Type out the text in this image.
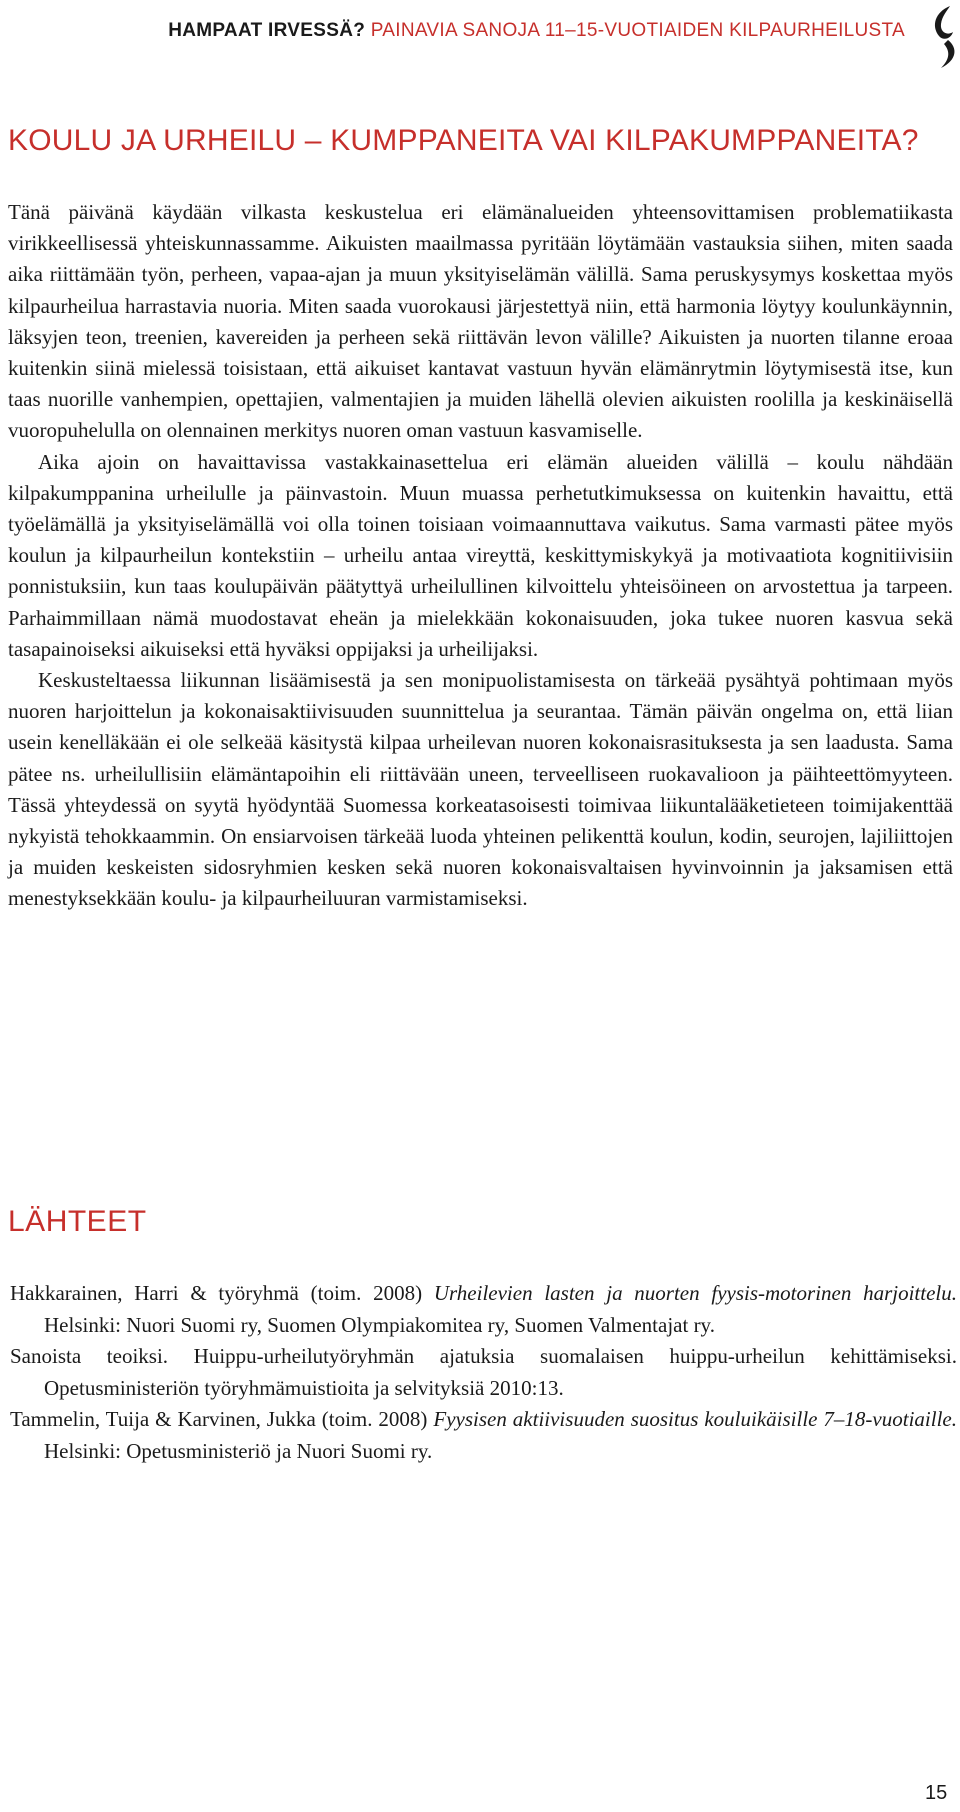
HAMPAAT IRVESSÄ? PAINAVIA SANOJA 11–15-VUOTIAIDEN KILPAURHEILUSTA
KOULU JA URHEILU – KUMPPANEITA VAI KILPAKUMPPANEITA?

Tänä päivänä käydään vilkasta keskustelua eri elämänalueiden yhteensovittamisen problematiikasta virikkeellisessä yhteiskunnassamme. Aikuisten maailmassa pyritään löytämään vastauksia siihen, miten saada aika riittämään työn, perheen, vapaa-ajan ja muun yksityiselämän välillä. Sama peruskysymys koskettaa myös kilpaurheilua harrastavia nuoria. Miten saada vuorokausi järjestettyä niin, että harmonia löytyy koulunkäynnin, läksyjen teon, treenien, kavereiden ja perheen sekä riittävän levon välille? Aikuisten ja nuorten tilanne eroaa kuitenkin siinä mielessä toisistaan, että aikuiset kantavat vastuun hyvän elämänrytmin löytymisestä itse, kun taas nuorille vanhempien, opettajien, valmentajien ja muiden lähellä olevien aikuisten roolilla ja keskinäisellä vuoropuhelulla on olennainen merkitys nuoren oman vastuun kasvamiselle.

Aika ajoin on havaittavissa vastakkainasettelua eri elämän alueiden välillä – koulu nähdään kilpakumppanina urheilulle ja päinvastoin. Muun muassa perhetutkimuksessa on kuitenkin havaittu, että työelämällä ja yksityiselämällä voi olla toinen toisiaan voimaannuttava vaikutus. Sama varmasti pätee myös koulun ja kilpaurheilun kontekstiin – urheilu antaa vireyttä, keskittymiskykyä ja motivaatiota kognitiivisiin ponnistuksiin, kun taas koulupäivän päätyttyä urheilullinen kilvoittelu yhteisöineen on arvostettua ja tarpeen. Parhaimmillaan nämä muodostavat eheän ja mielekkään kokonaisuuden, joka tukee nuoren kasvua sekä tasapainoiseksi aikuiseksi että hyväksi oppijaksi ja urheilijaksi.

Keskusteltaessa liikunnan lisäämisestä ja sen monipuolistamisesta on tärkeää pysähtyä pohtimaan myös nuoren harjoittelun ja kokonaisaktiivisuuden suunnittelua ja seurantaa. Tämän päivän ongelma on, että liian usein kenelläkään ei ole selkeää käsitystä kilpaa urheilevan nuoren kokonaisrasituksesta ja sen laadusta. Sama pätee ns. urheilullisiin elämäntapoihin eli riittävään uneen, terveelliseen ruokavalioon ja päihteettömyyteen. Tässä yhteydessä on syytä hyödyntää Suomessa korkeatasoisesti toimivaa liikuntalääketieteen toimijakenttää nykyistä tehokkaammin. On ensiarvoisen tärkeää luoda yhteinen pelikenttä koulun, kodin, seurojen, lajiliittojen ja muiden keskeisten sidosryhmien kesken sekä nuoren kokonaisvaltaisen hyvinvoinnin ja jaksamisen että menestyksekkään koulu- ja kilpaurheiluuran varmistamiseksi.

LÄHTEET
Hakkarainen, Harri & työryhmä (toim. 2008) Urheilevien lasten ja nuorten fyysis-motorinen harjoittelu. Helsinki: Nuori Suomi ry, Suomen Olympiakomitea ry, Suomen Valmentajat ry.
Sanoista teoiksi. Huippu-urheilutyöryhmän ajatuksia suomalaisen huippu-urheilun kehittämiseksi. Opetusministeriön työryhmämuistioita ja selvityksiä 2010:13.
Tammelin, Tuija & Karvinen, Jukka (toim. 2008) Fyysisen aktiivisuuden suositus kouluikäisille 7–18-vuotiaille. Helsinki: Opetusministeriö ja Nuori Suomi ry.
15
